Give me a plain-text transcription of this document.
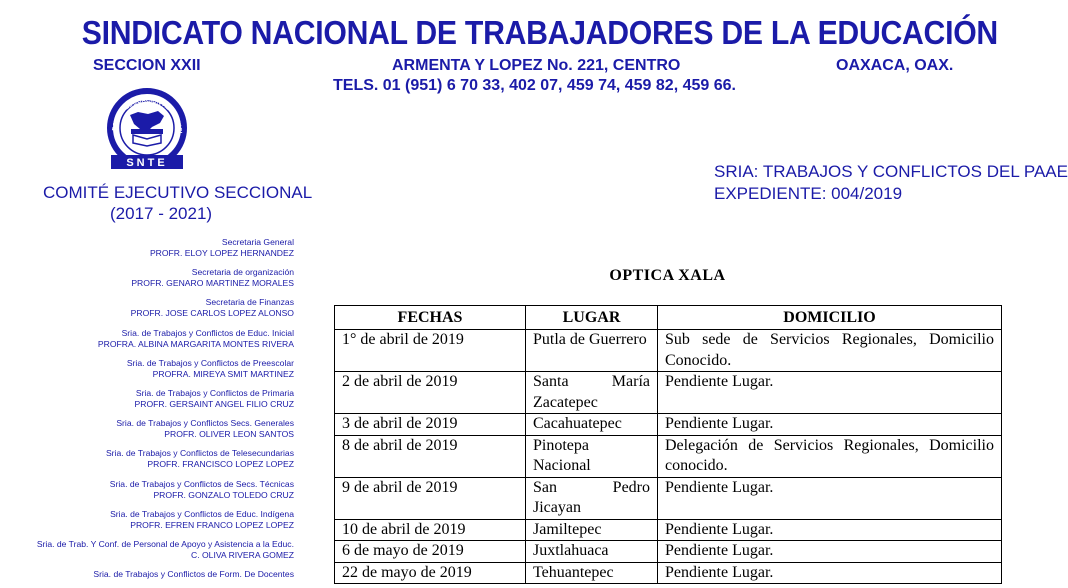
SINDICATO NACIONAL DE TRABAJADORES DE LA EDUCACIÓN
SECCION XXII	ARMENTA Y LOPEZ No. 221, CENTRO	OAXACA, OAX.
TELS. 01 (951) 6 70 33, 402 07, 459 74, 459 82, 459 66.
POR LA EDUCACION AL SERVICI
SNTE
COMITÉ EJECUTIVO SECCIONAL
(2017 - 2021)
SRIA: TRABAJOS Y CONFLICTOS DEL PAAE
EXPEDIENTE: 004/2019
Secretaria General
PROFR. ELOY LOPEZ HERNANDEZ
Secretaria de organización
PROFR. GENARO MARTINEZ MORALES
Secretaria de Finanzas
PROFR. JOSE CARLOS LOPEZ ALONSO
Sria. de Trabajos y Conflictos de Educ. Inicial
PROFRA. ALBINA MARGARITA MONTES RIVERA
Sria. de Trabajos y Conflictos de Preescolar
PROFRA. MIREYA SMIT MARTINEZ
Sria. de Trabajos y Conflictos de Primaria
PROFR. GERSAINT ANGEL FILIO CRUZ
Sria. de Trabajos y Conflictos Secs. Generales
PROFR. OLIVER LEON SANTOS
Sria. de Trabajos y Conflictos de Telesecundarias
PROFR. FRANCISCO LOPEZ LOPEZ
Sria. de Trabajos y Conflictos de Secs. Técnicas
PROFR. GONZALO TOLEDO CRUZ
Sria. de Trabajos y Conflictos de Educ. Indígena
PROFR. EFREN FRANCO LOPEZ LOPEZ
Sria. de Trab. Y Conf. de Personal de Apoyo y Asistencia a la Educ.
C. OLIVA RIVERA GOMEZ
Sria. de Trabajos y Conflictos de Form. De Docentes
OPTICA XALA
FECHAS	LUGAR	DOMICILIO
1° de abril de 2019	Putla de Guerrero	Sub sede de Servicios Regionales, Domicilio Conocido.
2 de abril de 2019	Santa María Zacatepec	Pendiente Lugar.
3 de abril de 2019	Cacahuatepec	Pendiente Lugar.
8 de abril de 2019	Pinotepa Nacional	Delegación de Servicios Regionales, Domicilio conocido.
9 de abril de 2019	San Pedro Jicayan	Pendiente Lugar.
10 de abril de 2019	Jamiltepec	Pendiente Lugar.
6 de mayo de 2019	Juxtlahuaca	Pendiente Lugar.
22 de mayo de 2019	Tehuantepec	Pendiente Lugar.
